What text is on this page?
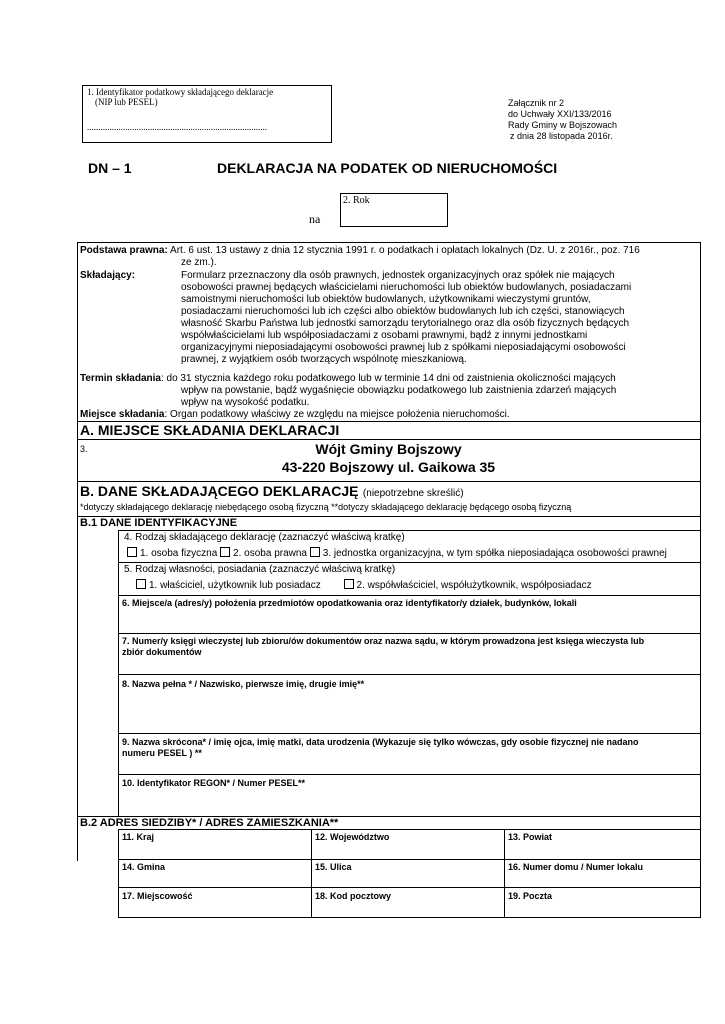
1. Identyfikator podatkowy składającego deklaracje
(NIP lub PESEL)
................................................................................
Załącznik nr 2
do Uchwały XXI/133/2016
Rady Gminy w Bojszowach
z dnia 28 listopada 2016r.
DN – 1	DEKLARACJA NA PODATEK OD NIERUCHOMOŚCI
2. Rok
na
Podstawa prawna: Art. 6 ust. 13 ustawy z dnia 12 stycznia 1991 r. o podatkach i opłatach lokalnych (Dz. U. z 2016r., poz. 716
ze zm.).
Składający:	Formularz przeznaczony dla osób prawnych, jednostek organizacyjnych oraz spółek nie mających
osobowości prawnej będących właścicielami nieruchomości lub obiektów budowlanych, posiadaczami
samoistnymi nieruchomości lub obiektów budowlanych, użytkownikami wieczystymi gruntów,
posiadaczami nieruchomości lub ich części albo obiektów budowlanych lub ich części, stanowiących
własność Skarbu Państwa lub jednostki samorządu terytorialnego oraz dla osób fizycznych będących
współwłaścicielami lub współposiadaczami z osobami prawnymi, bądź z innymi jednostkami
organizacyjnymi nieposiadającymi osobowości prawnej lub z spółkami nieposiadającymi osobowości
prawnej, z wyjątkiem osób tworzących wspólnotę mieszkaniową.
Termin składania: do 31 stycznia każdego roku podatkowego lub w terminie 14 dni od zaistnienia okoliczności mających
wpływ na powstanie, bądź wygaśnięcie obowiązku podatkowego lub zaistnienia zdarzeń mających
wpływ na wysokość podatku.
Miejsce składania: Organ podatkowy właściwy ze względu na miejsce położenia nieruchomości.
A. MIEJSCE SKŁADANIA DEKLARACJI
3.	Wójt Gminy Bojszowy
43-220 Bojszowy ul. Gaikowa 35
B. DANE SKŁADAJĄCEGO DEKLARACJĘ (niepotrzebne skreślić)
*dotyczy składającego deklarację niebędącego osobą fizyczną **dotyczy składającego deklarację będącego osobą fizyczną
B.1 DANE IDENTYFIKACYJNE
4. Rodzaj składającego deklarację (zaznaczyć właściwą kratkę)
1. osoba fizyczna 2. osoba prawna 3. jednostka organizacyjna, w tym spółka nieposiadająca osobowości prawnej
5. Rodzaj własności, posiadania (zaznaczyć właściwą kratkę)
1. właściciel, użytkownik lub posiadacz	2. współwłaściciel, współużytkownik, współposiadacz
6. Miejsce/a (adres/y) położenia przedmiotów opodatkowania oraz identyfikator/y działek, budynków, lokali
7. Numer/y księgi wieczystej lub zbioru/ów dokumentów oraz nazwa sądu, w którym prowadzona jest księga wieczysta lub
zbiór dokumentów
8. Nazwa pełna * / Nazwisko, pierwsze imię, drugie imię**
9. Nazwa skrócona* / imię ojca, imię matki, data urodzenia (Wykazuje się tylko wówczas, gdy osobie fizycznej nie nadano
numeru PESEL ) **
10. Identyfikator REGON* / Numer PESEL**
B.2 ADRES SIEDZIBY* / ADRES ZAMIESZKANIA**
11. Kraj	12. Województwo	13. Powiat
14. Gmina	15. Ulica	16. Numer domu / Numer lokalu
17. Miejscowość	18. Kod pocztowy	19. Poczta
